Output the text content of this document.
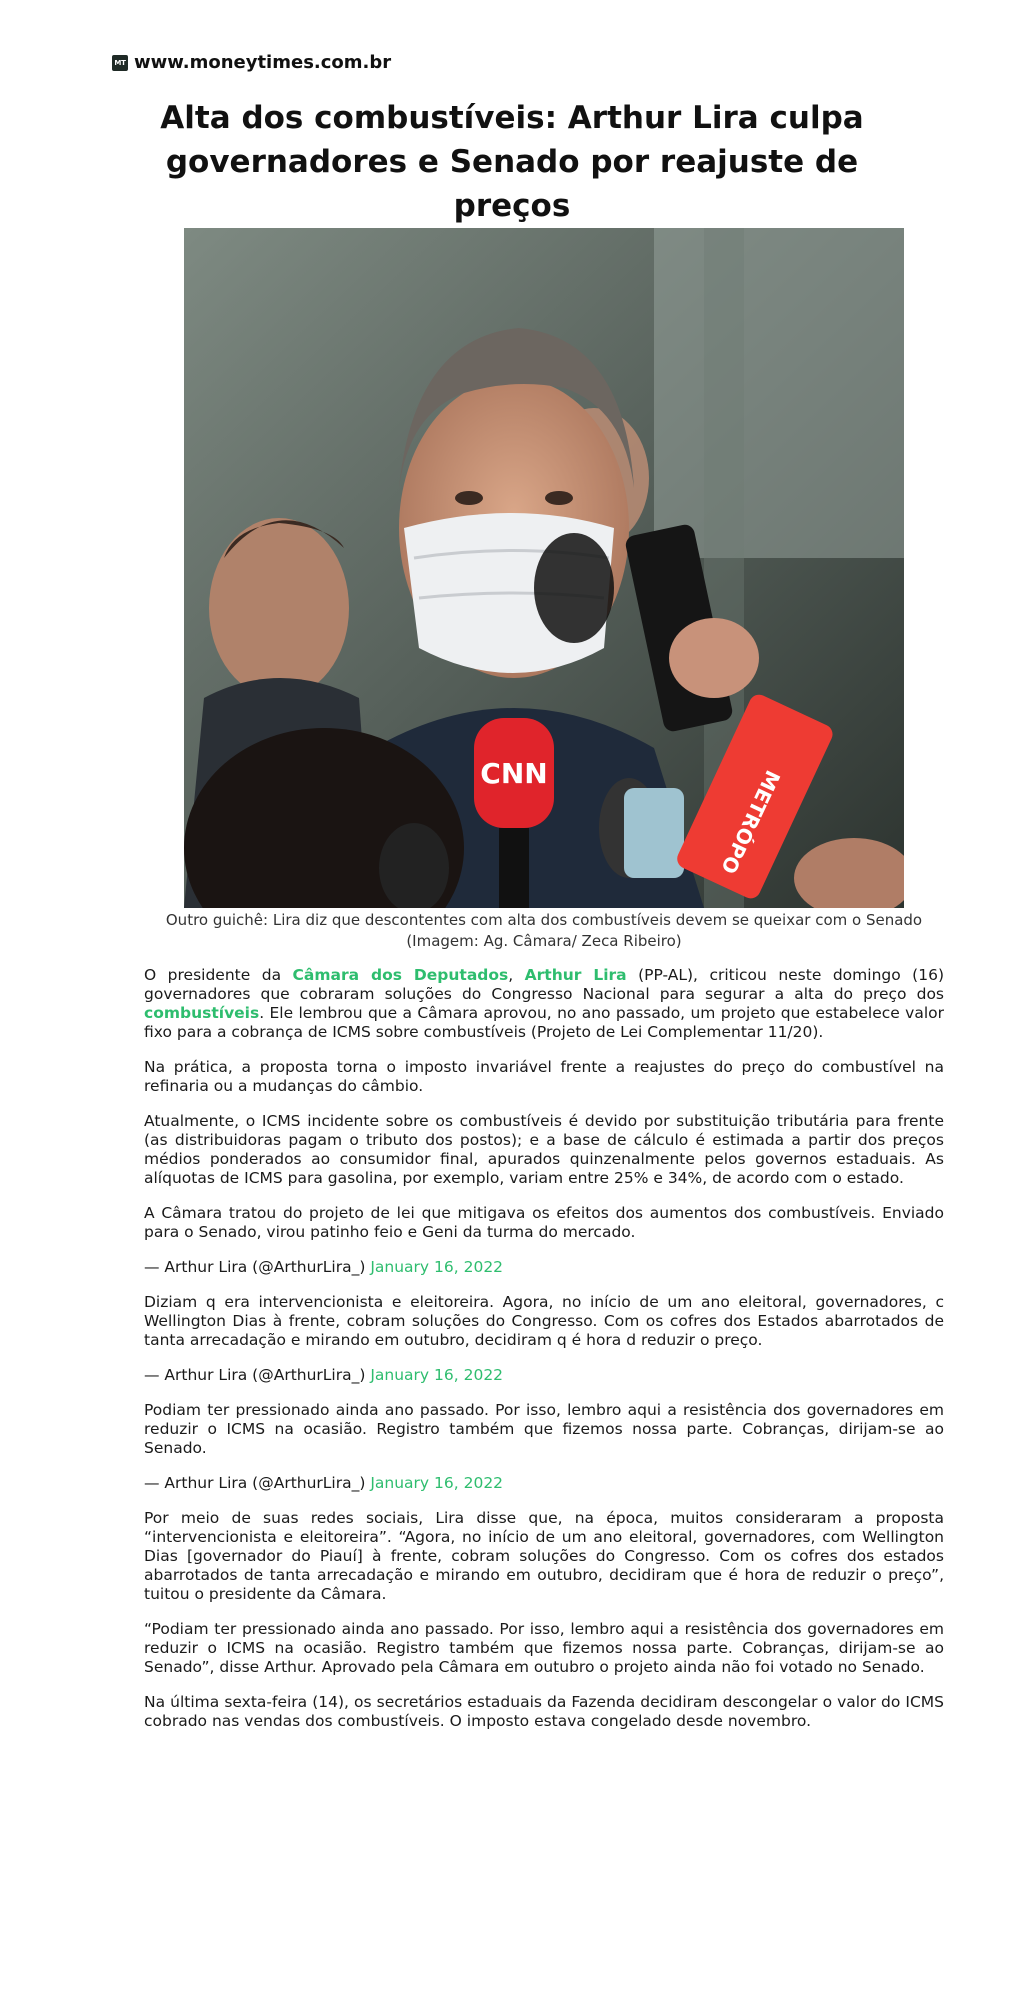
MT www.moneytimes.com.br
Alta dos combustíveis: Arthur Lira culpa
governadores e Senado por reajuste de preços
CNN	METRÓPO
Outro guichê: Lira diz que descontentes com alta dos combustíveis devem se queixar com o Senado
(Imagem: Ag. Câmara/ Zeca Ribeiro)

O presidente da Câmara dos Deputados, Arthur Lira (PP-AL), criticou neste domingo (16) governadores que cobraram soluções do Congresso Nacional para segurar a alta do preço dos combustíveis. Ele lembrou que a Câmara aprovou, no ano passado, um projeto que estabelece valor fixo para a cobrança de ICMS sobre combustíveis (Projeto de Lei Complementar 11/20).

Na prática, a proposta torna o imposto invariável frente a reajustes do preço do combustível na refinaria ou a mudanças do câmbio.

Atualmente, o ICMS incidente sobre os combustíveis é devido por substituição tributária para frente (as distribuidoras pagam o tributo dos postos); e a base de cálculo é estimada a partir dos preços médios ponderados ao consumidor final, apurados quinzenalmente pelos governos estaduais. As alíquotas de ICMS para gasolina, por exemplo, variam entre 25% e 34%, de acordo com o estado.

A Câmara tratou do projeto de lei que mitigava os efeitos dos aumentos dos combustíveis. Enviado para o Senado, virou patinho feio e Geni da turma do mercado.

— Arthur Lira (@ArthurLira_) January 16, 2022

Diziam q era intervencionista e eleitoreira. Agora, no início de um ano eleitoral, governadores, c Wellington Dias à frente, cobram soluções do Congresso. Com os cofres dos Estados abarrotados de tanta arrecadação e mirando em outubro, decidiram q é hora d reduzir o preço.

— Arthur Lira (@ArthurLira_) January 16, 2022

Podiam ter pressionado ainda ano passado. Por isso, lembro aqui a resistência dos governadores em reduzir o ICMS na ocasião. Registro também que fizemos nossa parte. Cobranças, dirijam-se ao Senado.

— Arthur Lira (@ArthurLira_) January 16, 2022

Por meio de suas redes sociais, Lira disse que, na época, muitos consideraram a proposta “intervencionista e eleitoreira”. “Agora, no início de um ano eleitoral, governadores, com Wellington Dias [governador do Piauí] à frente, cobram soluções do Congresso. Com os cofres dos estados abarrotados de tanta arrecadação e mirando em outubro, decidiram que é hora de reduzir o preço”, tuitou o presidente da Câmara.

“Podiam ter pressionado ainda ano passado. Por isso, lembro aqui a resistência dos governadores em reduzir o ICMS na ocasião. Registro também que fizemos nossa parte. Cobranças, dirijam-se ao Senado”, disse Arthur. Aprovado pela Câmara em outubro o projeto ainda não foi votado no Senado.

Na última sexta-feira (14), os secretários estaduais da Fazenda decidiram descongelar o valor do ICMS cobrado nas vendas dos combustíveis. O imposto estava congelado desde novembro.
